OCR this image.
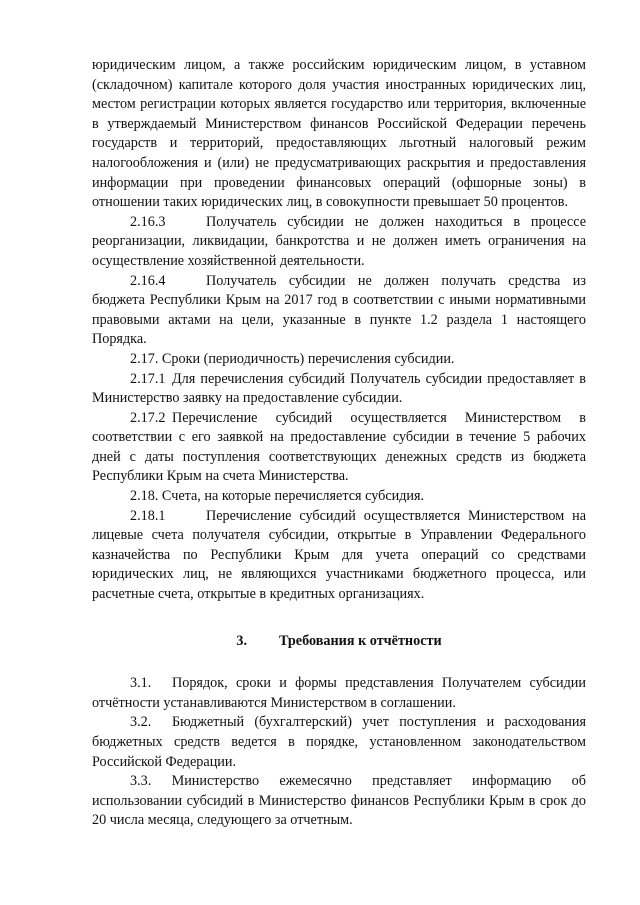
юридическим лицом, а также российским юридическим лицом, в уставном (складочном) капитале которого доля участия иностранных юридических лиц, местом регистрации которых является государство или территория, включенные в утверждаемый Министерством финансов Российской Федерации перечень государств и территорий, предоставляющих льготный налоговый режим налогообложения и (или) не предусматривающих раскрытия и предоставления информации при проведении финансовых операций (офшорные зоны) в отношении таких юридических лиц, в совокупности превышает 50 процентов.

2.16.3	Получатель субсидии не должен находиться в процессе реорганизации, ликвидации, банкротства и не должен иметь ограничения на осуществление хозяйственной деятельности.

2.16.4	Получатель субсидии не должен получать средства из бюджета Республики Крым на 2017 год в соответствии с иными нормативными правовыми актами на цели, указанные в пункте 1.2 раздела 1 настоящего Порядка.

2.17. Сроки (периодичность) перечисления субсидии.

2.17.1 Для перечисления субсидий Получатель субсидии предоставляет в Министерство заявку на предоставление субсидии.

2.17.2 Перечисление субсидий осуществляется Министерством в соответствии с его заявкой на предоставление субсидии в течение 5 рабочих дней с даты поступления соответствующих денежных средств из бюджета Республики Крым на счета Министерства.

2.18. Счета, на которые перечисляется субсидия.

2.18.1	Перечисление субсидий осуществляется Министерством на лицевые счета получателя субсидии, открытые в Управлении Федерального казначейства по Республики Крым для учета операций со средствами юридических лиц, не являющихся участниками бюджетного процесса, или расчетные счета, открытые в кредитных организациях.

3. Требования к отчётности

3.1. Порядок, сроки и формы представления Получателем субсидии отчётности устанавливаются Министерством в соглашении.

3.2. Бюджетный (бухгалтерский) учет поступления и расходования бюджетных средств ведется в порядке, установленном законодательством Российской Федерации.

3.3. Министерство ежемесячно представляет информацию об использовании субсидий в Министерство финансов Республики Крым в срок до 20 числа месяца, следующего за отчетным.
